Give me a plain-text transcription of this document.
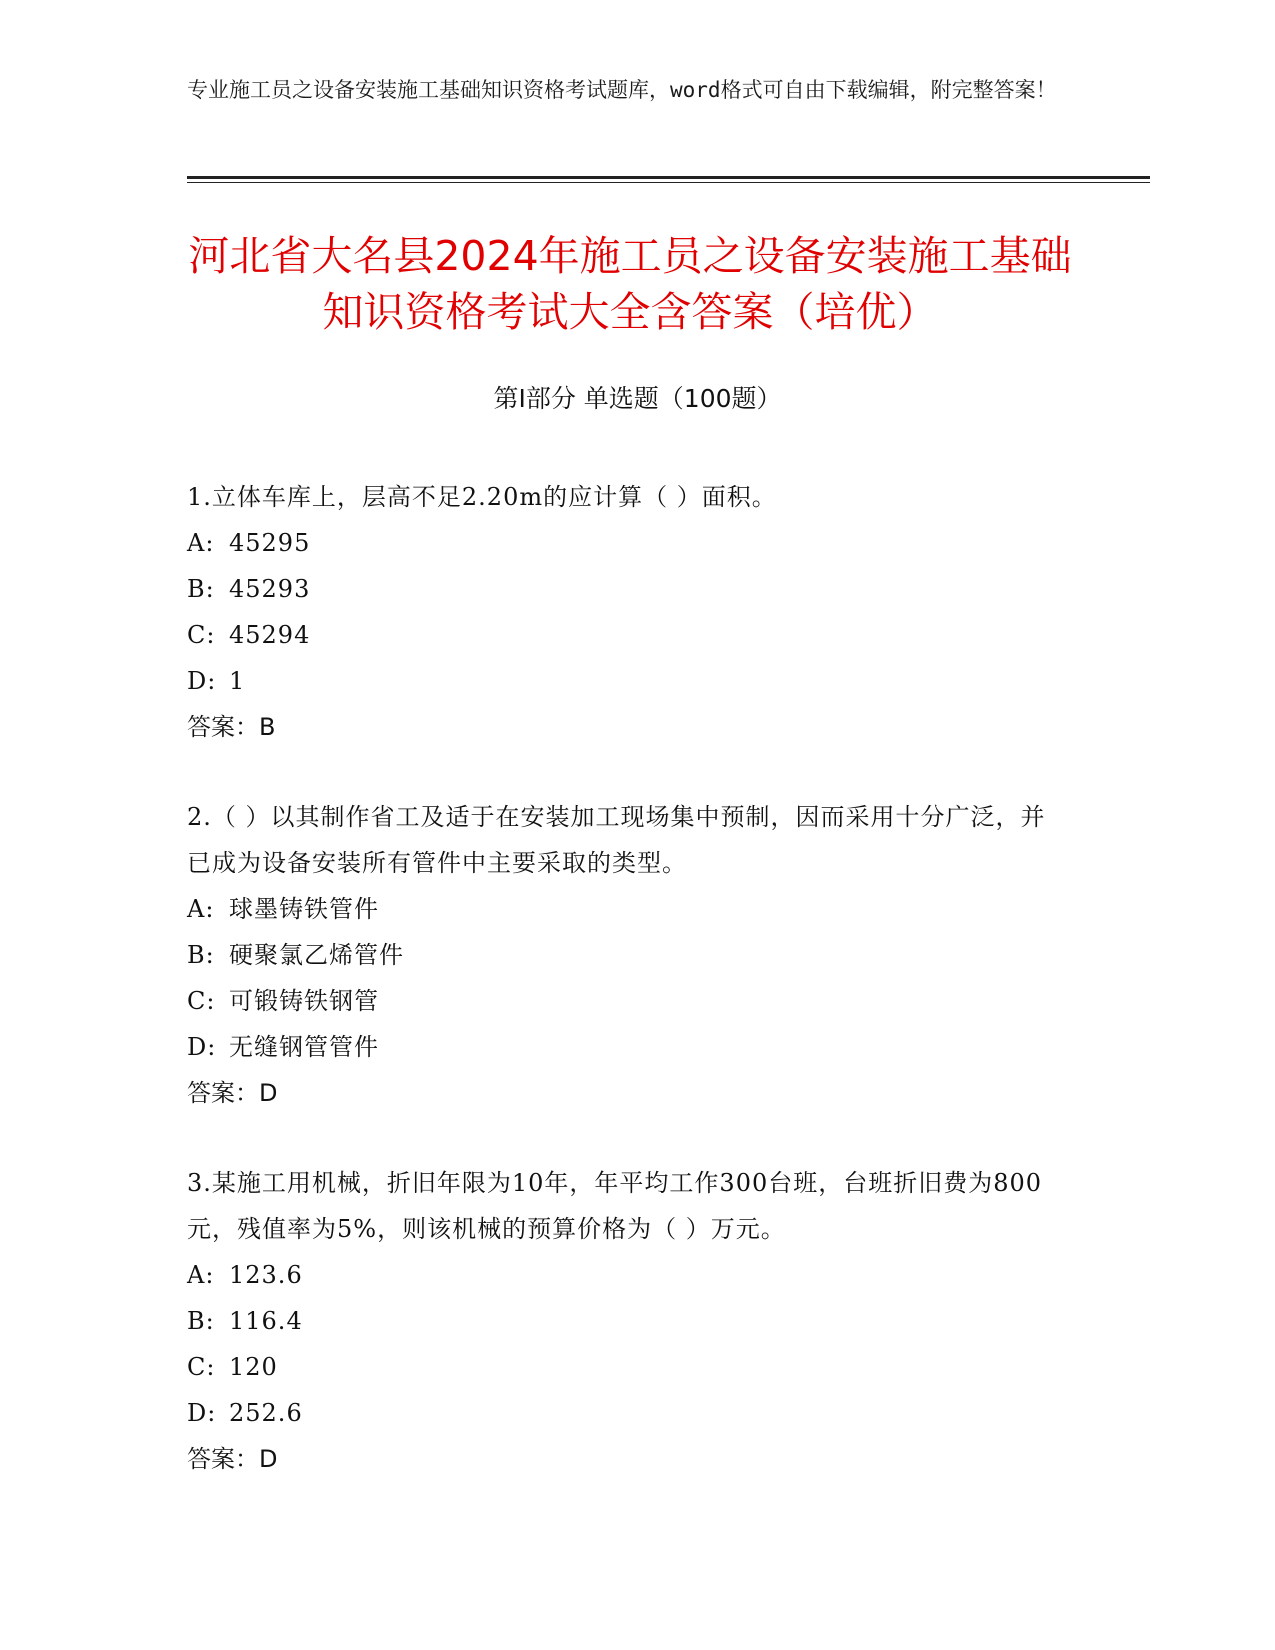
专业施工员之设备安装施工基础知识资格考试题库，word格式可自由下载编辑，附完整答案！
河北省大名县2024年施工员之设备安装施工基础知识资格考试大全含答案（培优）
第Ⅰ部分 单选题（100题）
1.立体车库上，层高不足2.20m的应计算（ ）面积。
A: 45295
B: 45293
C: 45294
D: 1
答案：B
2.（ ）以其制作省工及适于在安装加工现场集中预制，因而采用十分广泛，并已成为设备安装所有管件中主要采取的类型。
A: 球墨铸铁管件
B: 硬聚氯乙烯管件
C: 可锻铸铁钢管
D: 无缝钢管管件
答案：D
3.某施工用机械，折旧年限为10年，年平均工作300台班，台班折旧费为800元，残值率为5%，则该机械的预算价格为（ ）万元。
A: 123.6
B: 116.4
C: 120
D: 252.6
答案：D
